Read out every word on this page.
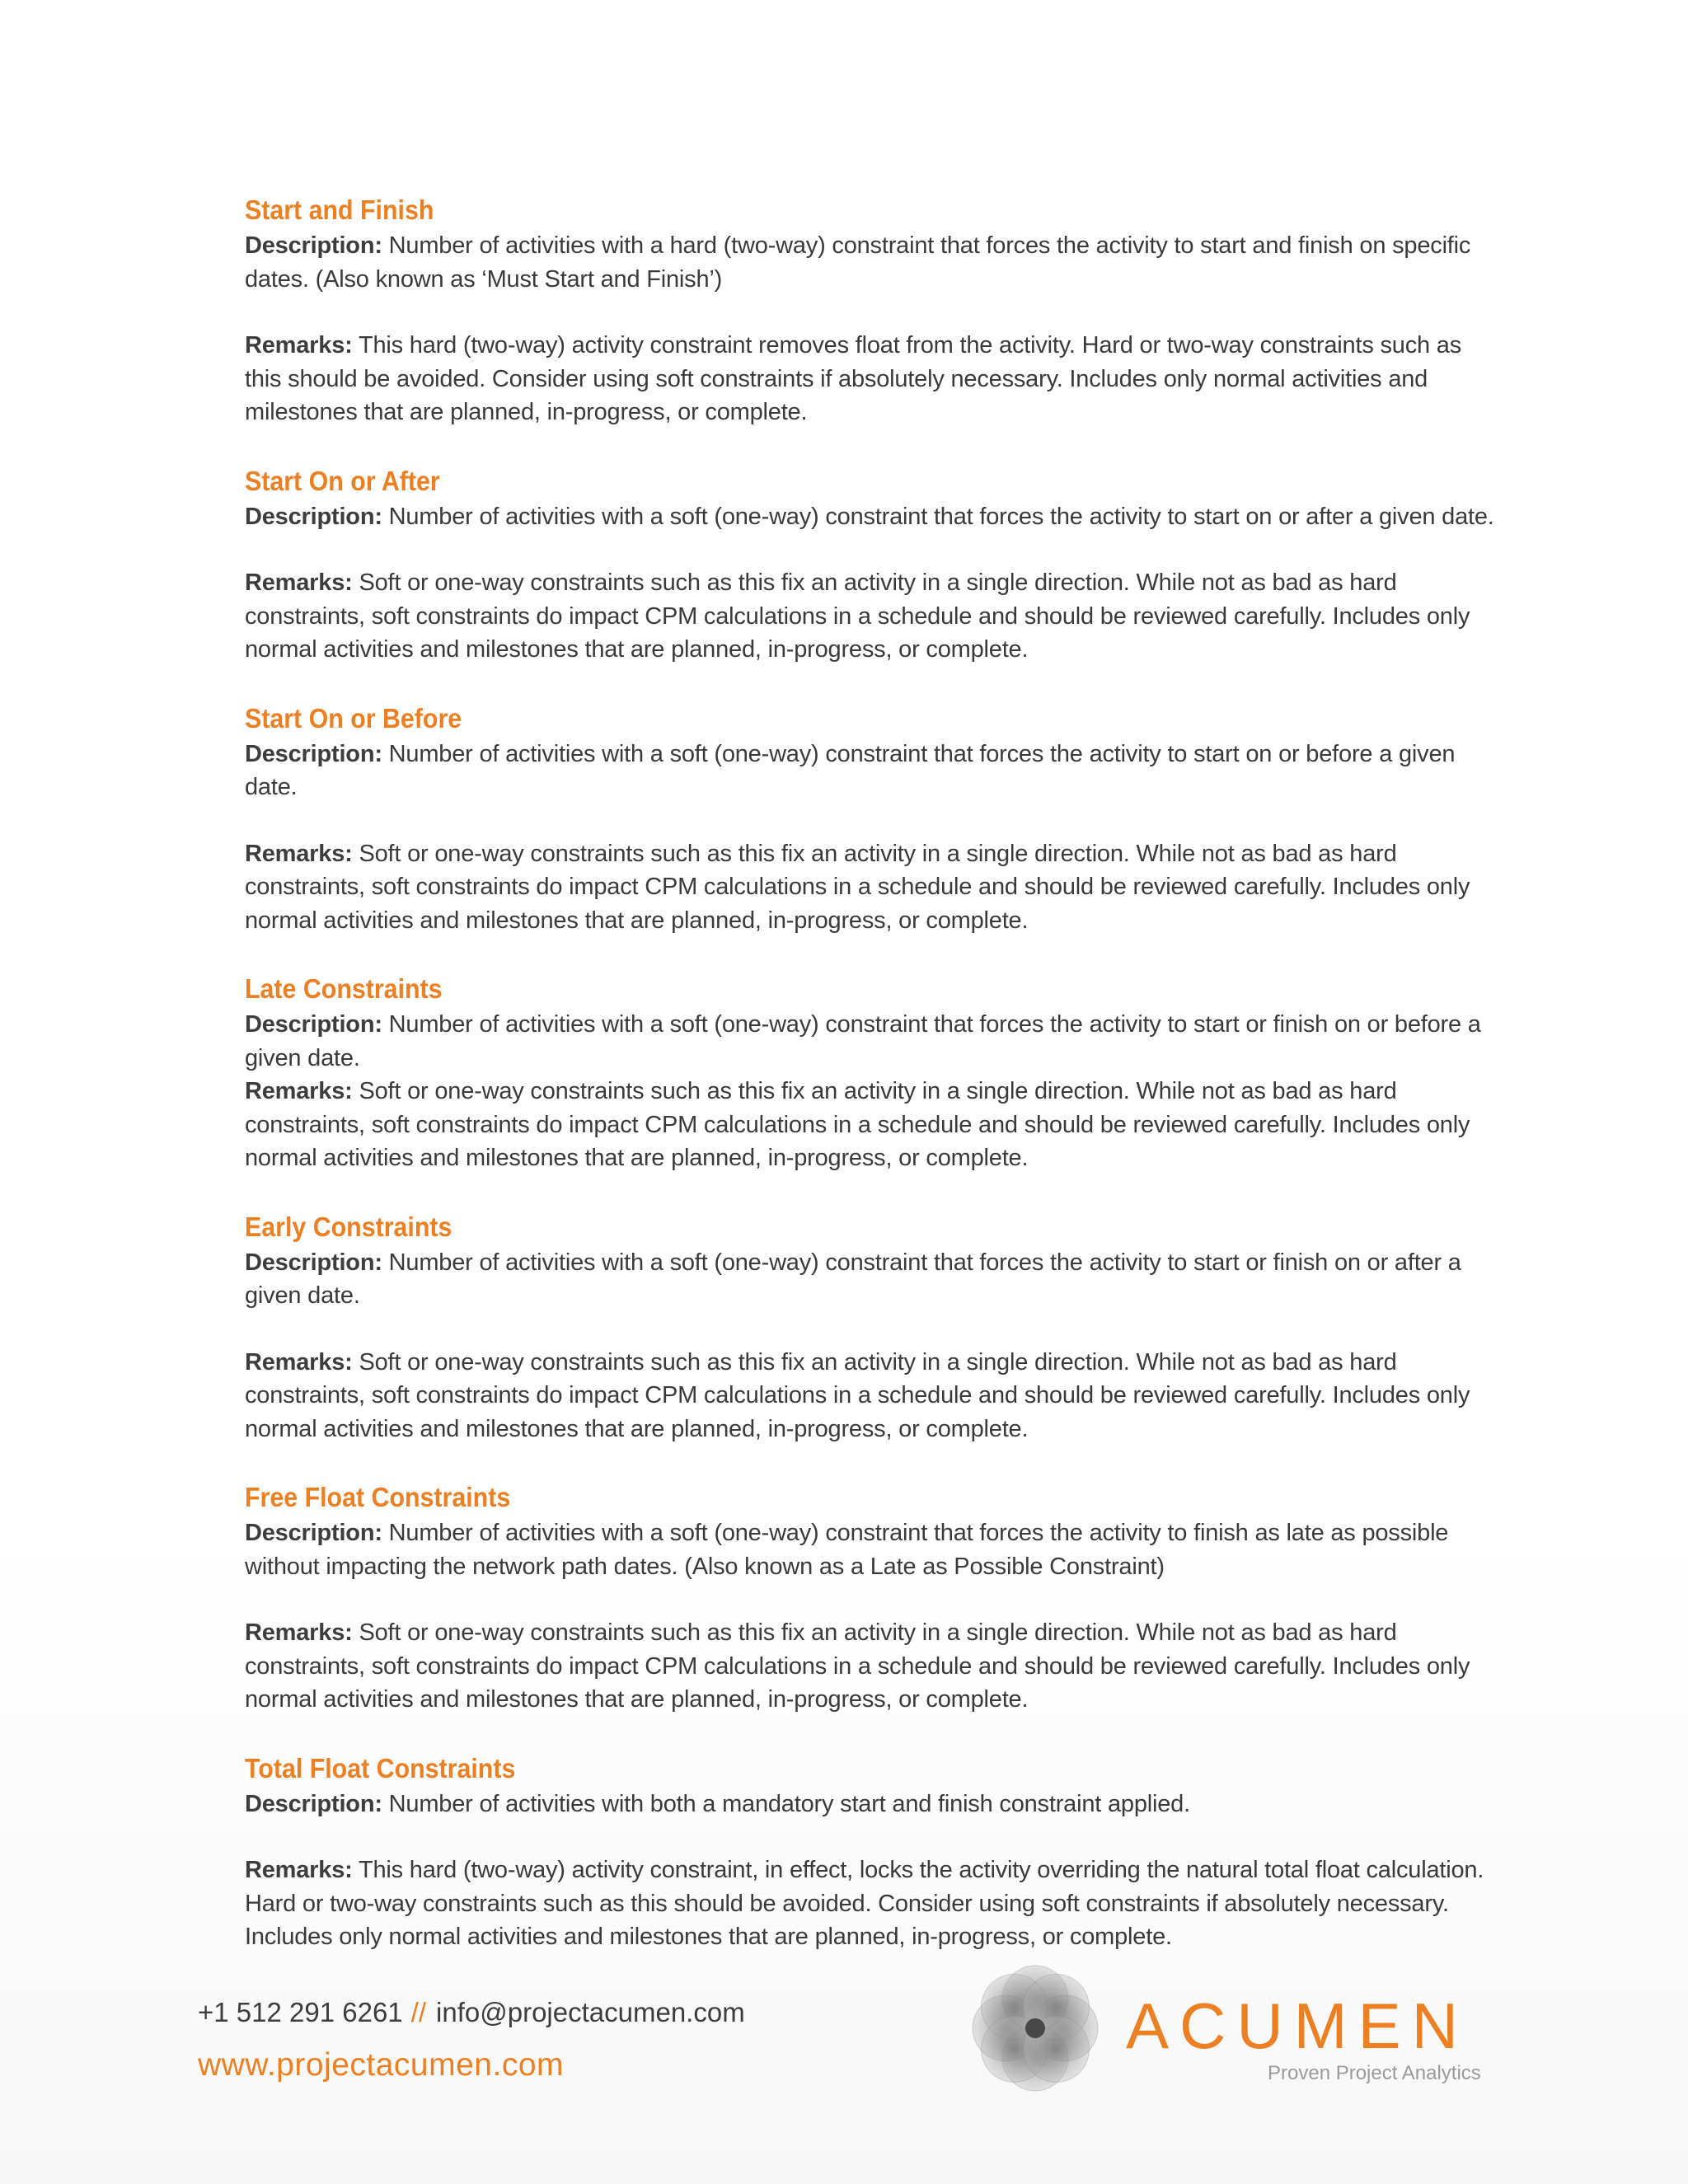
Start and Finish

Description: Number of activities with a hard (two-way) constraint that forces the activity to start and finish on specific dates. (Also known as ‘Must Start and Finish’)

Remarks: This hard (two-way) activity constraint removes float from the activity. Hard or two-way constraints such as this should be avoided. Consider using soft constraints if absolutely necessary. Includes only normal activities and milestones that are planned, in-progress, or complete.

Start On or After

Description: Number of activities with a soft (one-way) constraint that forces the activity to start on or after a given date.

Remarks: Soft or one-way constraints such as this fix an activity in a single direction. While not as bad as hard constraints, soft constraints do impact CPM calculations in a schedule and should be reviewed carefully. Includes only normal activities and milestones that are planned, in-progress, or complete.

Start On or Before

Description: Number of activities with a soft (one-way) constraint that forces the activity to start on or before a given date.

Remarks: Soft or one-way constraints such as this fix an activity in a single direction. While not as bad as hard constraints, soft constraints do impact CPM calculations in a schedule and should be reviewed carefully. Includes only normal activities and milestones that are planned, in-progress, or complete.

Late Constraints

Description: Number of activities with a soft (one-way) constraint that forces the activity to start or finish on or before a given date.

Remarks: Soft or one-way constraints such as this fix an activity in a single direction. While not as bad as hard constraints, soft constraints do impact CPM calculations in a schedule and should be reviewed carefully. Includes only normal activities and milestones that are planned, in-progress, or complete.

Early Constraints

Description: Number of activities with a soft (one-way) constraint that forces the activity to start or finish on or after a given date.

Remarks: Soft or one-way constraints such as this fix an activity in a single direction. While not as bad as hard constraints, soft constraints do impact CPM calculations in a schedule and should be reviewed carefully. Includes only normal activities and milestones that are planned, in-progress, or complete.

Free Float Constraints

Description: Number of activities with a soft (one-way) constraint that forces the activity to finish as late as possible without impacting the network path dates. (Also known as a Late as Possible Constraint)

Remarks: Soft or one-way constraints such as this fix an activity in a single direction. While not as bad as hard constraints, soft constraints do impact CPM calculations in a schedule and should be reviewed carefully. Includes only normal activities and milestones that are planned, in-progress, or complete.

Total Float Constraints

Description: Number of activities with both a mandatory start and finish constraint applied.

Remarks: This hard (two-way) activity constraint, in effect, locks the activity overriding the natural total float calculation. Hard or two-way constraints such as this should be avoided. Consider using soft constraints if absolutely necessary. Includes only normal activities and milestones that are planned, in-progress, or complete.

+1 512 291 6261 // info@projectacumen.com
www.projectacumen.com
ACUMEN
Proven Project Analytics
